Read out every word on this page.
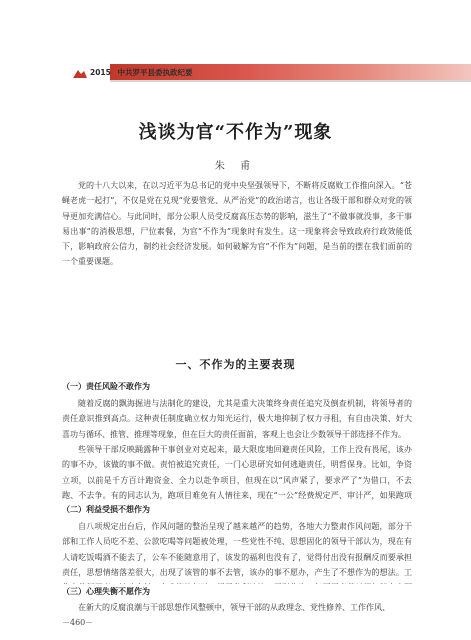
2015 中共罗平县委执政纪要
浅谈为官“不作为”现象
朱 甫
党的十八大以来，在以习近平为总书记的党中央坚强领导下，不断将反腐败工作推向深入。“苍蝇老虎一起打”，不仅是党在兑现“党要管党、从严治党”的政治诺言，也让各级干部和群众对党的领导更加充满信心。与此同时，部分公职人员受反腐高压态势的影响，滋生了“不做事就没事，多干事易出事”的消极思想，尸位素餐，为官“不作为”现象时有发生。这一现象将会导致政府行政效能低下，影响政府公信力，制约社会经济发展。如何破解为官“不作为”问题，是当前的摆在我们面前的一个重要课题。
一、不作为的主要表现
（一）责任风险不敢作为
随着反腐的飘海掘进与法制化的建设，尤其是重大决策终身责任追究及倒查机制，将领导者的责任意识推到高点。这种责任制度确立权力知光运行，极大地抑制了权力寻租，有自由决策、好大喜功与循环、推管、推理等现象，但在巨大的责任面前，客观上也会让少数领导干部选择不作为。
些领导干部反映踊露种干事创业对克起来，最大限度地回避责任风险，工作上没有畏尾，该办的事不办，该做的事不做。责怕被追究责任，一门心思研究如何逃避责任，明哲保身。比如，争资立项，以前是千方百计跑资金、全力以赴争项目，但现在以“风声紧了，要求严了”为借口，不去跑、不去争。有的同志认为，跑项目难免有人情往来，现在“一公”经费规定严、审计严，如果跑项
（二）利益受损不想作为
自八项规定出台后，作风问题的整治呈现了越来越严的趋势，各地大力整肃作风问题，部分干部和工作人员吃不差、公款吃喝等问题被处理，一些党性不纯、思想固化的领导干部认为，现在有人请吃饭喝酒不能去了，公车不能随意用了，该发的福利也没有了，觉得付出没有报酬反而要承担责任，思想情绪落差很大，出现了该管的事不去管，该办的事不愿办，产生了不想作为的想法。工
（三）心理失衡不愿作为
在新大的反腐浪潮与干部思想作风整顿中，领导干部的从政理念、党性修养、工作作风、
－460－
